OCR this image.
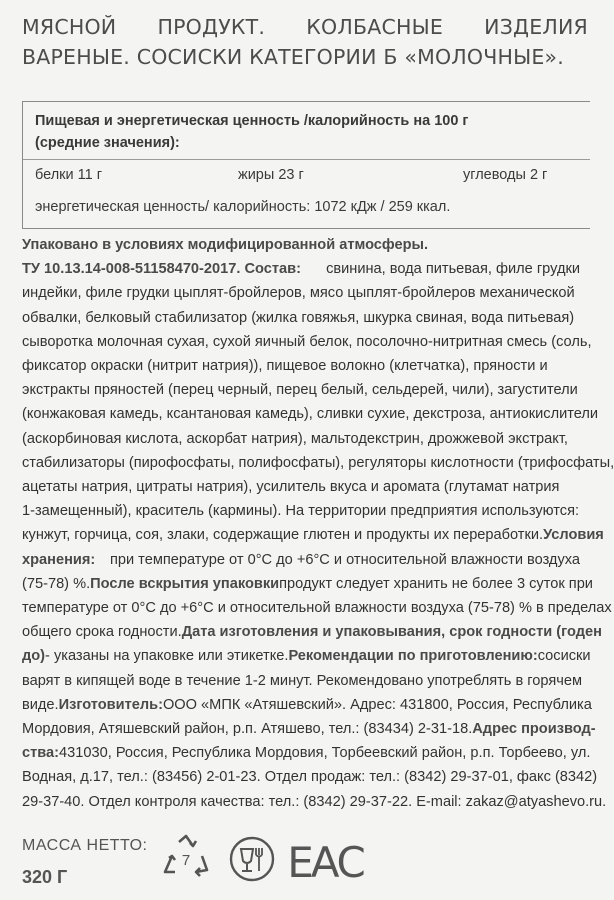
МЯСНОЙ ПРОДУКТ. КОЛБАСНЫЕ ИЗДЕЛИЯ
ВАРЕНЫЕ. СОСИСКИ КАТЕГОРИИ Б «МОЛОЧНЫЕ».
Пищевая и энергетическая ценность /калорийность на 100 г
(средние значения):
белки 11 г	жиры 23 г	углеводы 2 г
энергетическая ценность/ калорийность: 1072 кДж / 259 ккал.
Упаковано в условиях модифицированной атмосферы.
ТУ 10.13.14-008-51158470-2017. Состав: свинина, вода питьевая, филе грудки
индейки, филе грудки цыплят-бройлеров, мясо цыплят-бройлеров механической
обвалки, белковый стабилизатор (жилка говяжья, шкурка свиная, вода питьевая)
сыворотка молочная сухая, сухой яичный белок, посолочно-нитритная смесь (соль,
фиксатор окраски (нитрит натрия)), пищевое волокно (клетчатка), пряности и
экстракты пряностей (перец черный, перец белый, сельдерей, чили), загустители
(конжаковая камедь, ксантановая камедь), сливки сухие, декстроза, антиокислители
(аскорбиновая кислота, аскорбат натрия), мальтодекстрин, дрожжевой экстракт,
стабилизаторы (пирофосфаты, полифосфаты), регуляторы кислотности (трифосфаты,
ацетаты натрия, цитраты натрия), усилитель вкуса и аромата (глутамат натрия
1-замещенный), краситель (кармины). На территории предприятия используются:
кунжут, горчица, соя, злаки, содержащие глютен и продукты их переработки. Условия
хранения: при температуре от 0°С до +6°С и относительной влажности воздуха
(75-78) %. После вскрытия упаковки продукт следует хранить не более 3 суток при
температуре от 0°С до +6°С и относительной влажности воздуха (75-78) % в пределах
общего срока годности. Дата изготовления и упаковывания, срок годности (годен
до) - указаны на упаковке или этикетке. Рекомендации по приготовлению: сосиски
варят в кипящей воде в течение 1-2 минут. Рекомендовано употреблять в горячем
виде. Изготовитель: ООО «МПК «Атяшевский». Адрес: 431800, Россия, Республика
Мордовия, Атяшевский район, р.п. Атяшево, тел.: (83434) 2-31-18. Адрес производ-
ства: 431030, Россия, Республика Мордовия, Торбеевский район, р.п. Торбеево, ул.
Водная, д.17, тел.: (83456) 2-01-23. Отдел продаж: тел.: (8342) 29-37-01, факс (8342)
29-37-40. Отдел контроля качества: тел.: (8342) 29-37-22. E-mail: zakaz@atyashevo.ru.
МАССА НЕТТО:
320 Г
7 ЕАС
